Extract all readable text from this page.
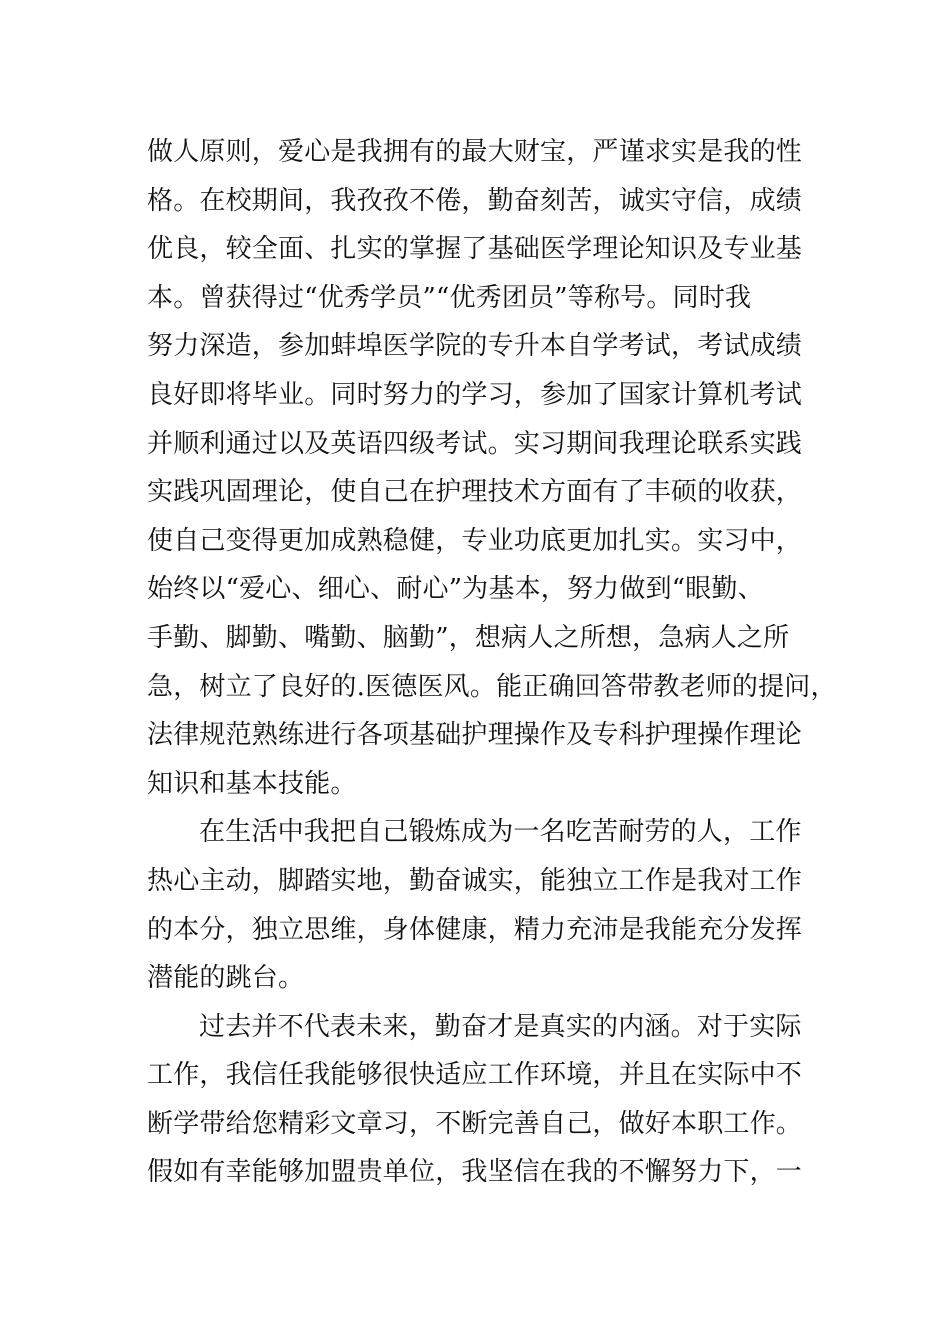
做人原则，爱心是我拥有的最大财宝，严谨求实是我的性
格。在校期间，我孜孜不倦，勤奋刻苦，诚实守信，成绩
优良，较全面、扎实的掌握了基础医学理论知识及专业基
本。曾获得过“优秀学员”“优秀团员”等称号。同时我
努力深造，参加蚌埠医学院的专升本自学考试，考试成绩
良好即将毕业。同时努力的学习，参加了国家计算机考试
并顺利通过以及英语四级考试。实习期间我理论联系实践
实践巩固理论，使自己在护理技术方面有了丰硕的收获，
使自己变得更加成熟稳健，专业功底更加扎实。实习中，
始终以“爱心、细心、耐心”为基本，努力做到“眼勤、
手勤、脚勤、嘴勤、脑勤”，想病人之所想，急病人之所
急，树立了良好的.医德医风。能正确回答带教老师的提问，
法律规范熟练进行各项基础护理操作及专科护理操作理论
知识和基本技能。
在生活中我把自己锻炼成为一名吃苦耐劳的人，工作
热心主动，脚踏实地，勤奋诚实，能独立工作是我对工作
的本分，独立思维，身体健康，精力充沛是我能充分发挥
潜能的跳台。
过去并不代表未来，勤奋才是真实的内涵。对于实际
工作，我信任我能够很快适应工作环境，并且在实际中不
断学带给您精彩文章习，不断完善自己，做好本职工作。
假如有幸能够加盟贵单位，我坚信在我的不懈努力下，一
